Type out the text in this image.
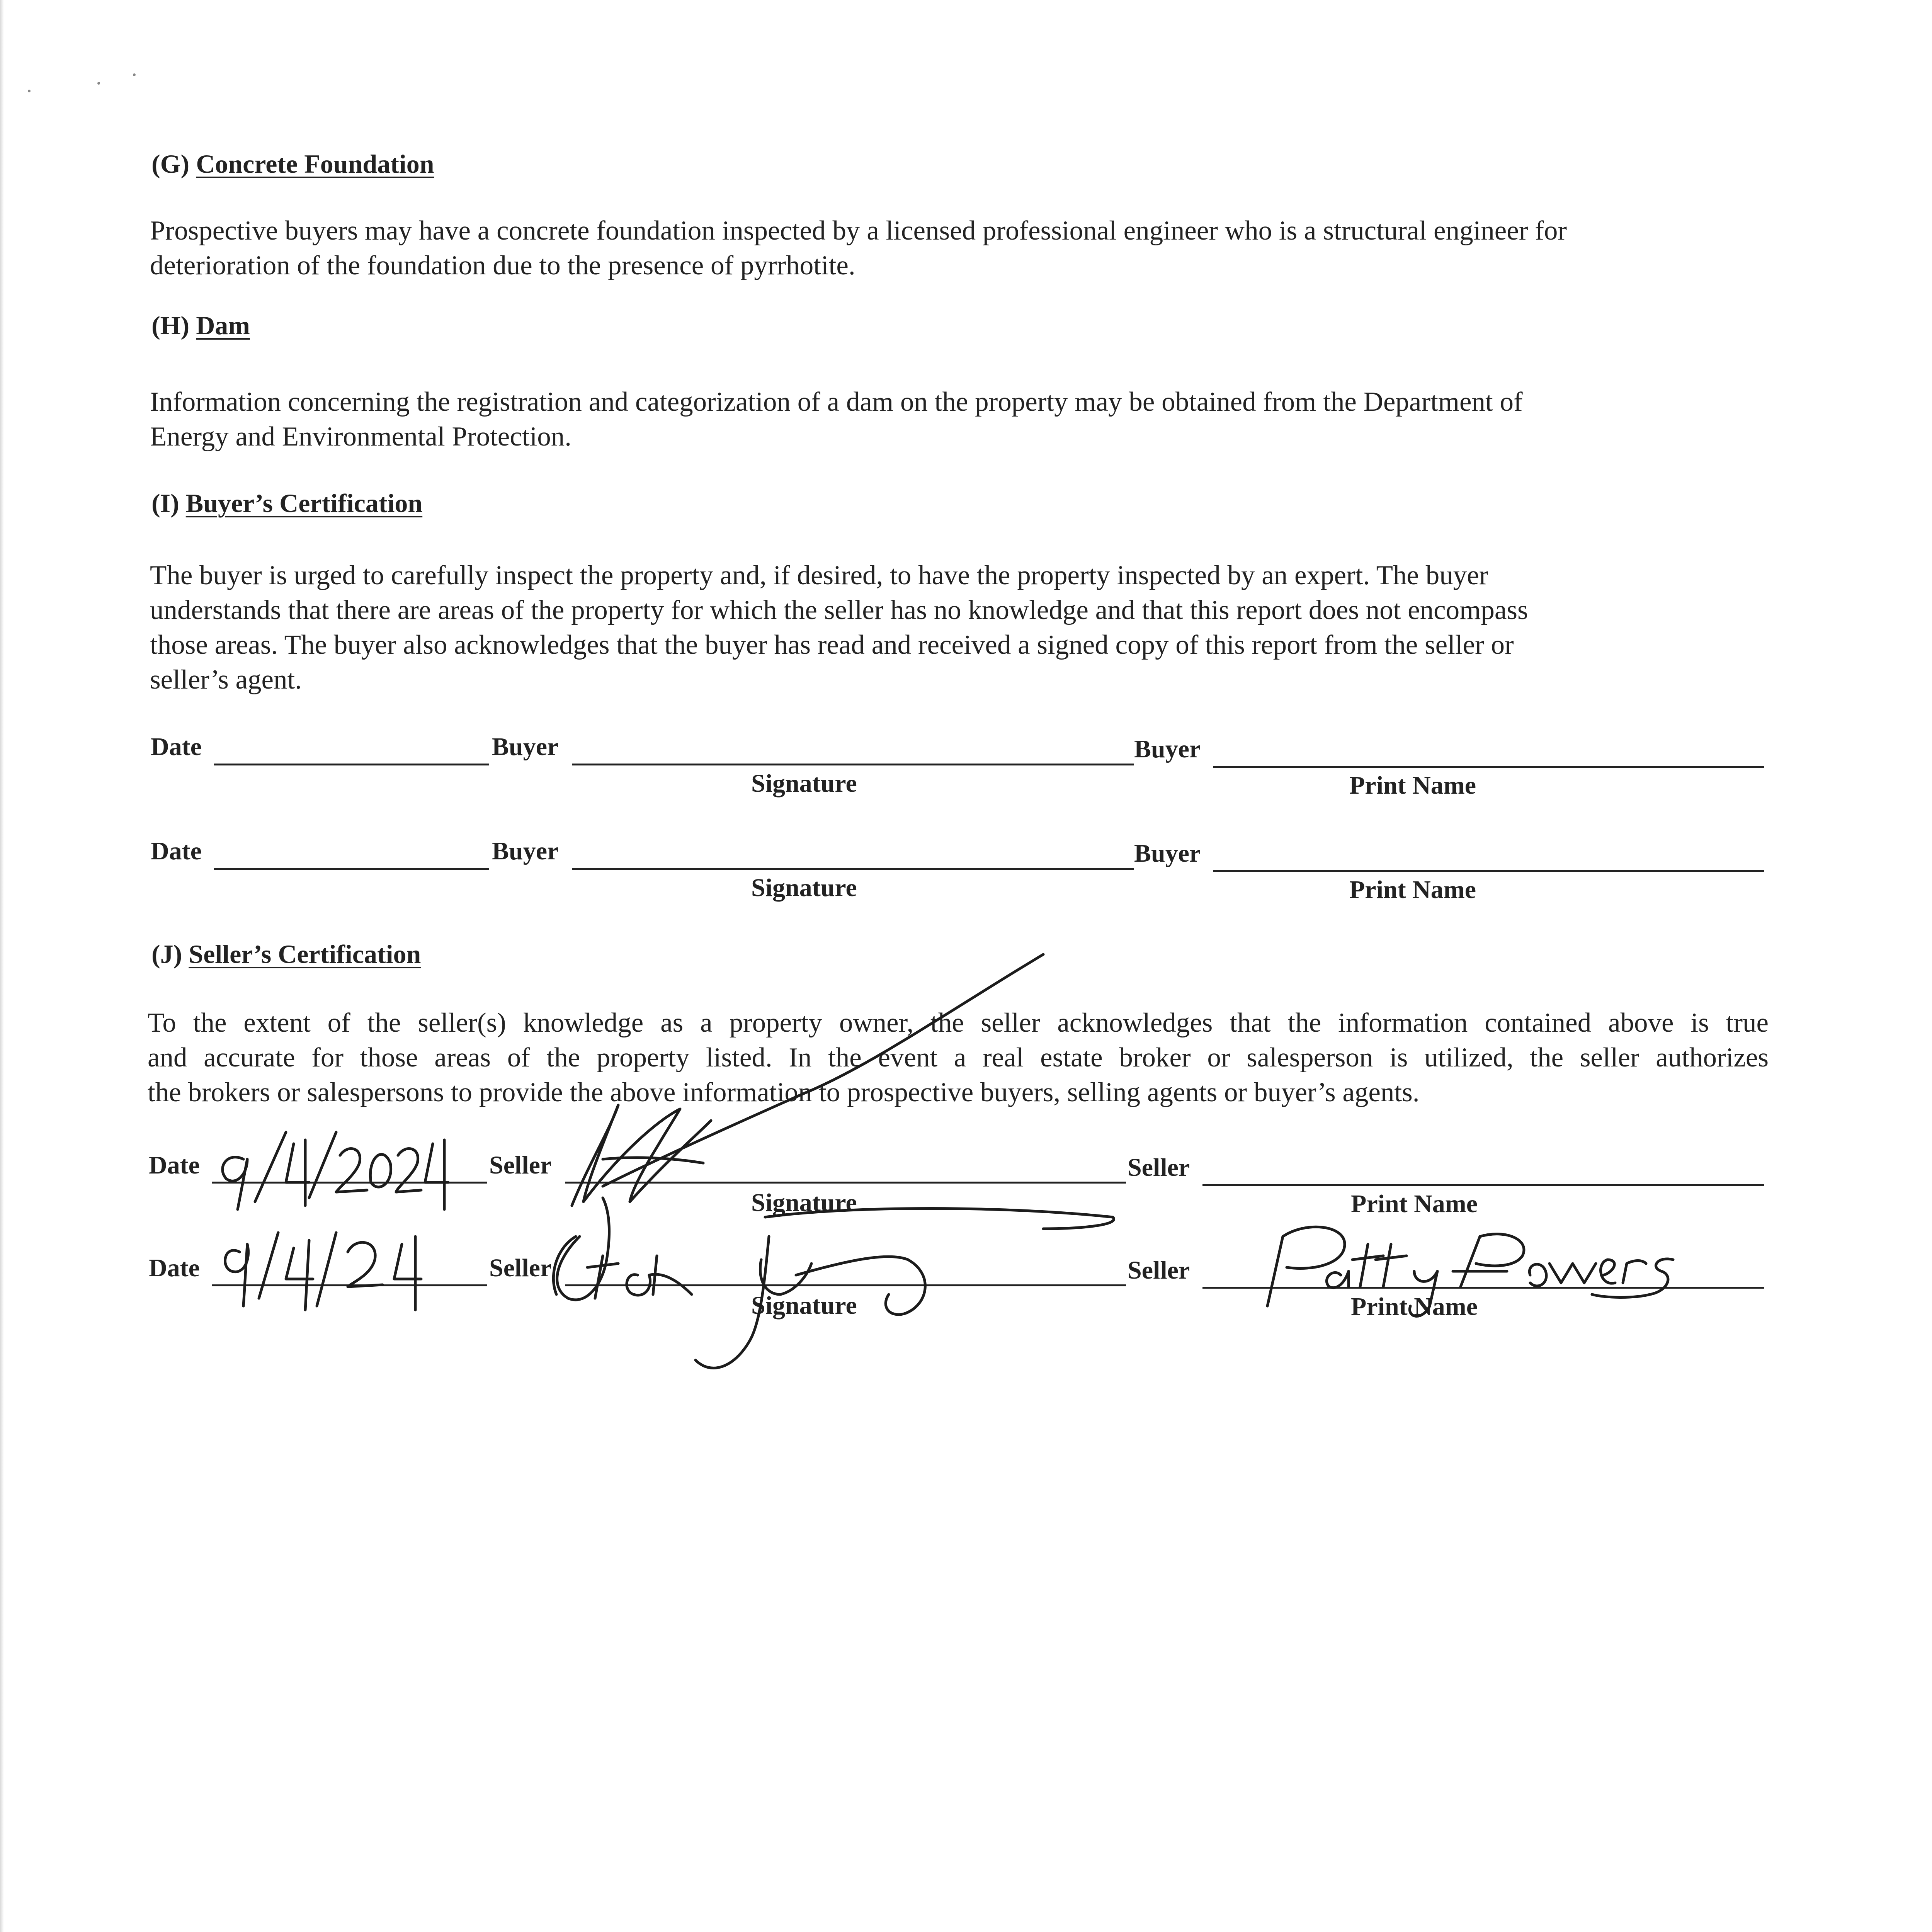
(G) Concrete Foundation
Prospective buyers may have a concrete foundation inspected by a licensed professional engineer who is a structural engineer for
deterioration of the foundation due to the presence of pyrrhotite.
(H) Dam
Information concerning the registration and categorization of a dam on the property may be obtained from the Department of
Energy and Environmental Protection.
(I) Buyer’s Certification
The buyer is urged to carefully inspect the property and, if desired, to have the property inspected by an expert. The buyer
understands that there are areas of the property for which the seller has no knowledge and that this report does not encompass
those areas. The buyer also acknowledges that the buyer has read and received a signed copy of this report from the seller or
seller’s agent.
Date	Buyer	Buyer
Signature	Print Name
Date	Buyer	Buyer
Signature	Print Name
(J) Seller’s Certification
To the extent of the seller(s) knowledge as a property owner, the seller acknowledges that the information contained above is true
and accurate for those areas of the property listed. In the event a real estate broker or salesperson is utilized, the seller authorizes
the brokers or salespersons to provide the above information to prospective buyers, selling agents or buyer’s agents.
Date	Seller	Seller
Signature	Print Name
Date	Seller	Seller
Signature	Print Name
